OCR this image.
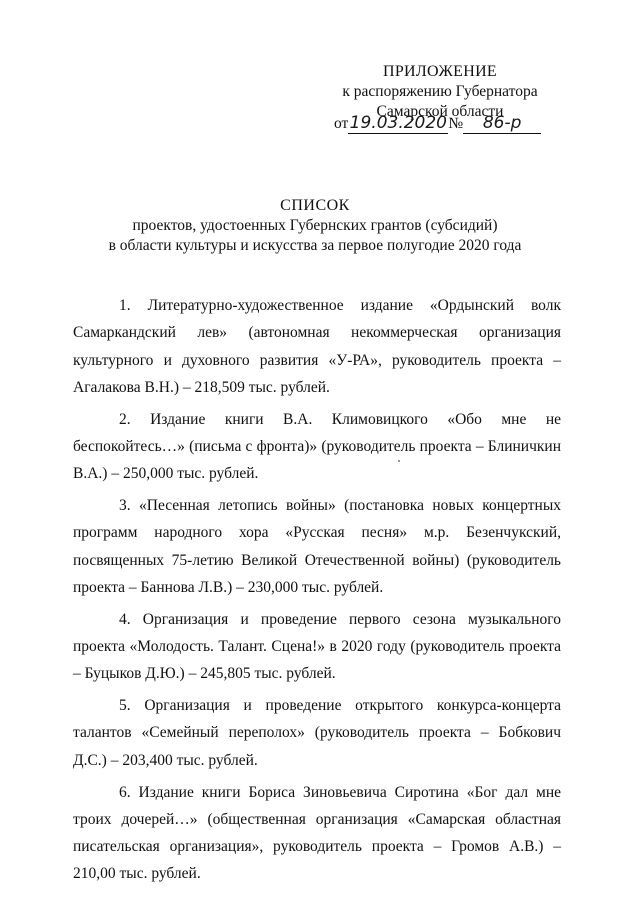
ПРИЛОЖЕНИЕ
к распоряжению Губернатора
Самарской области
от19.03.2020№ 86-р
СПИСОК
проектов, удостоенных Губернских грантов (субсидий)
в области культуры и искусства за первое полугодие 2020 года

1. Литературно-художественное издание «Ордынский волк Самаркандский лев» (автономная некоммерческая организация культурного и духовного развития «У-РА», руководитель проекта – Агалакова В.Н.) – 218,509 тыс. рублей.

2. Издание книги В.А. Климовицкого «Обо мне не беспокойтесь…» (письма с фронта)» (руководитель проекта – Блиничкин В.А.) – 250,000 тыс. рублей.

3. «Песенная летопись войны» (постановка новых концертных программ народного хора «Русская песня» м.р. Безенчукский, посвященных 75-летию Великой Отечественной войны) (руководитель проекта – Баннова Л.В.) – 230,000 тыс. рублей.

4. Организация и проведение первого сезона музыкального проекта «Молодость. Талант. Сцена!» в 2020 году (руководитель проекта – Буцыков Д.Ю.) – 245,805 тыс. рублей.

5. Организация и проведение открытого конкурса-концерта талантов «Семейный переполох» (руководитель проекта – Бобкович Д.С.) – 203,400 тыс. рублей.

6. Издание книги Бориса Зиновьевича Сиротина «Бог дал мне троих дочерей…» (общественная организация «Самарская областная писательская организация», руководитель проекта – Громов А.В.) – 210,00 тыс. рублей.
